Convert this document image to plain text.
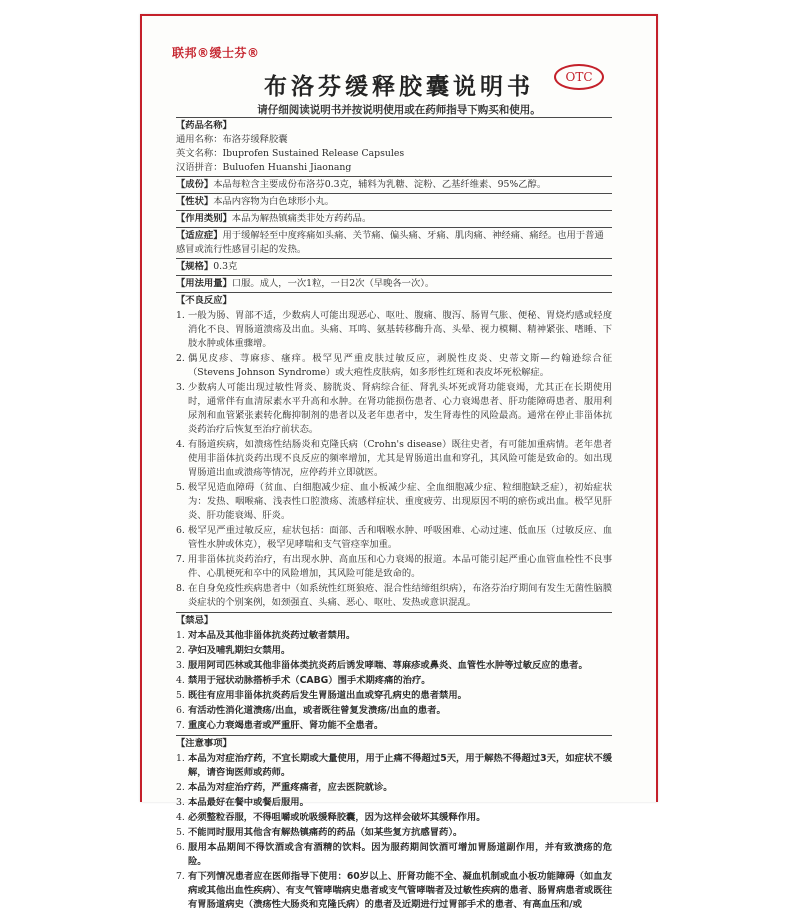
联邦®缓士芬®
OTC
布洛芬缓释胶囊说明书
请仔细阅读说明书并按说明使用或在药师指导下购买和使用。
【药品名称】
通用名称：布洛芬缓释胶囊
英文名称：Ibuprofen Sustained Release Capsules
汉语拼音：Buluofen Huanshi Jiaonang
【成份】本品每粒含主要成份布洛芬0.3克，辅料为乳糖、淀粉、乙基纤维素、95%乙醇。
【性状】本品内容物为白色球形小丸。
【作用类别】本品为解热镇痛类非处方药药品。
【适应症】用于缓解轻至中度疼痛如头痛、关节痛、偏头痛、牙痛、肌肉痛、神经痛、痛经。也用于普通感冒或流行性感冒引起的发热。
【规格】0.3克
【用法用量】口服。成人，一次1粒，一日2次（早晚各一次）。
【不良反应】
1. 一般为肠、胃部不适，少数病人可能出现恶心、呕吐、腹痛、腹泻、肠胃气胀、便秘、胃烧灼感或轻度消化不良、胃肠道溃疡及出血。头痛、耳鸣、氨基转移酶升高、头晕、视力模糊、精神紧张、嗜睡、下肢水肿或体重骤增。
2. 偶见皮疹、荨麻疹、瘙痒。极罕见严重皮肤过敏反应，剥脱性皮炎、史蒂文斯—约翰逊综合征（Stevens Johnson Syndrome）或大疱性皮肤病，如多形性红斑和表皮坏死松解症。
3. 少数病人可能出现过敏性肾炎、膀胱炎、肾病综合征、肾乳头坏死或肾功能衰竭，尤其正在长期使用时，通常伴有血清尿素水平升高和水肿。在肾功能损伤患者、心力衰竭患者、肝功能障碍患者、服用利尿剂和血管紧张素转化酶抑制剂的患者以及老年患者中，发生肾毒性的风险最高。通常在停止非甾体抗炎药治疗后恢复至治疗前状态。
4. 有肠道疾病，如溃疡性结肠炎和克隆氏病（Crohn's disease）既往史者，有可能加重病情。老年患者使用非甾体抗炎药出现不良反应的频率增加，尤其是胃肠道出血和穿孔，其风险可能是致命的。如出现胃肠道出血或溃疡等情况，应停药并立即就医。
5. 极罕见造血障碍（贫血、白细胞减少症、血小板减少症、全血细胞减少症、粒细胞缺乏症），初始症状为：发热、咽喉痛、浅表性口腔溃疡、流感样症状、重度疲劳、出现原因不明的瘀伤或出血。极罕见肝炎、肝功能衰竭、肝炎。
6. 极罕见严重过敏反应，症状包括：面部、舌和咽喉水肿、呼吸困难、心动过速、低血压（过敏反应、血管性水肿或休克），极罕见哮喘和支气管痉挛加重。
7. 用非甾体抗炎药治疗，有出现水肿、高血压和心力衰竭的报道。本品可能引起严重心血管血栓性不良事件、心肌梗死和卒中的风险增加，其风险可能是致命的。
8. 在自身免疫性疾病患者中（如系统性红斑狼疮、混合性结缔组织病），布洛芬治疗期间有发生无菌性脑膜炎症状的个别案例，如颈强直、头痛、恶心、呕吐、发热或意识混乱。
【禁忌】
1. 对本品及其他非甾体抗炎药过敏者禁用。
2. 孕妇及哺乳期妇女禁用。
3. 服用阿司匹林或其他非甾体类抗炎药后诱发哮喘、荨麻疹或鼻炎、血管性水肿等过敏反应的患者。
4. 禁用于冠状动脉搭桥手术（CABG）围手术期疼痛的治疗。
5. 既往有应用非甾体抗炎药后发生胃肠道出血或穿孔病史的患者禁用。
6. 有活动性消化道溃疡/出血，或者既往曾复发溃疡/出血的患者。
7. 重度心力衰竭患者或严重肝、肾功能不全患者。
【注意事项】
1. 本品为对症治疗药，不宜长期或大量使用，用于止痛不得超过5天，用于解热不得超过3天，如症状不缓解，请咨询医师或药师。
2. 本品为对症治疗药，严重疼痛者，应去医院就诊。
3. 本品最好在餐中或餐后服用。
4. 必须整粒吞服，不得咀嚼或吮吸缓释胶囊，因为这样会破坏其缓释作用。
5. 不能同时服用其他含有解热镇痛药的药品（如某些复方抗感冒药）。
6. 服用本品期间不得饮酒或含有酒精的饮料。因为服药期间饮酒可增加胃肠道副作用，并有致溃疡的危险。
7. 有下列情况患者应在医师指导下使用：60岁以上、肝肾功能不全、凝血机制或血小板功能障碍（如血友病或其他出血性疾病）、有支气管哮喘病史患者或支气管哮喘者及过敏性疾病的患者、肠胃病患者或既往有胃肠道病史（溃疡性大肠炎和克隆氏病）的患者及近期进行过胃部手术的患者、有高血压和/或
